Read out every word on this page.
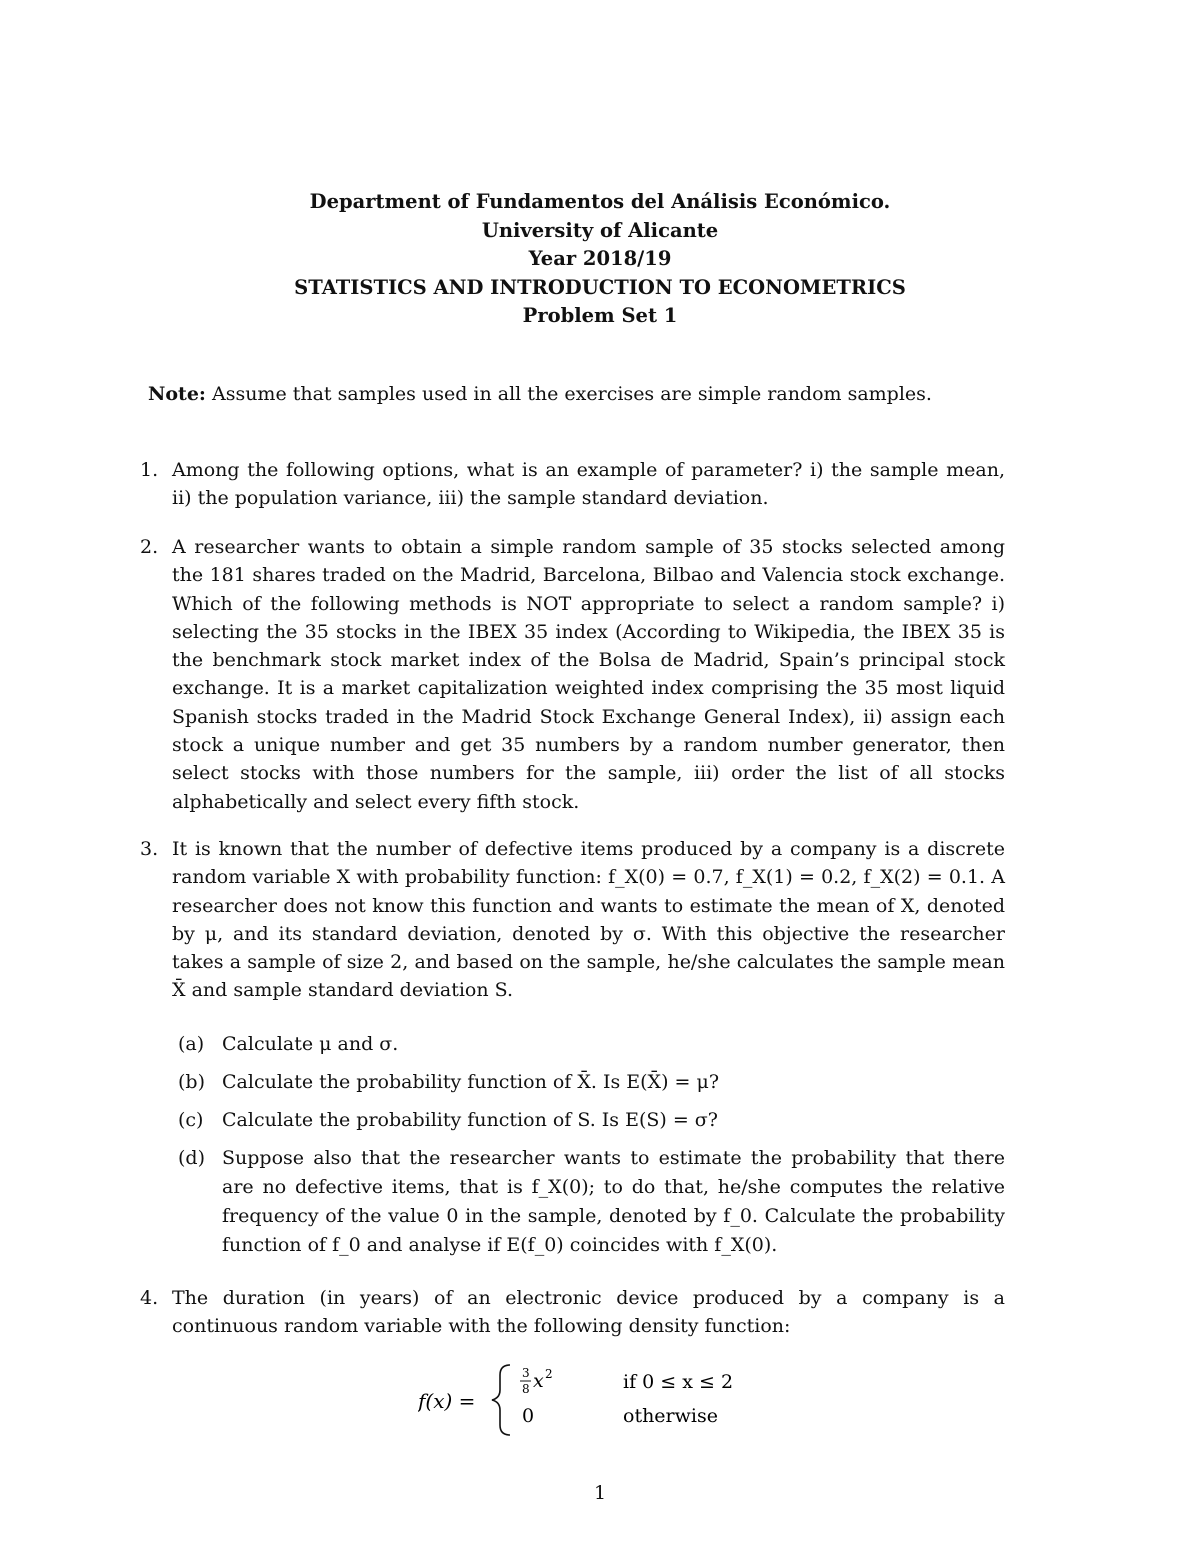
Department of Fundamentos del Análisis Económico.
University of Alicante
Year 2018/19
STATISTICS AND INTRODUCTION TO ECONOMETRICS
Problem Set 1
Note: Assume that samples used in all the exercises are simple random samples.
1. Among the following options, what is an example of parameter? i) the sample mean, ii) the population variance, iii) the sample standard deviation.
2. A researcher wants to obtain a simple random sample of 35 stocks selected among the 181 shares traded on the Madrid, Barcelona, Bilbao and Valencia stock exchange. Which of the following methods is NOT appropriate to select a random sample? i) selecting the 35 stocks in the IBEX 35 index (According to Wikipedia, the IBEX 35 is the benchmark stock market index of the Bolsa de Madrid, Spain’s principal stock exchange. It is a market capitalization weighted index comprising the 35 most liquid Spanish stocks traded in the Madrid Stock Exchange General Index), ii) assign each stock a unique number and get 35 numbers by a random number generator, then select stocks with those numbers for the sample, iii) order the list of all stocks alphabetically and select every fifth stock.
3. It is known that the number of defective items produced by a company is a discrete random variable X with probability function: f_X(0) = 0.7, f_X(1) = 0.2, f_X(2) = 0.1. A researcher does not know this function and wants to estimate the mean of X, denoted by μ, and its standard deviation, denoted by σ. With this objective the researcher takes a sample of size 2, and based on the sample, he/she calculates the sample mean X̄ and sample standard deviation S.
(a) Calculate μ and σ.
(b) Calculate the probability function of X̄. Is E(X̄) = μ?
(c) Calculate the probability function of S. Is E(S) = σ?
(d) Suppose also that the researcher wants to estimate the probability that there are no defective items, that is f_X(0); to do that, he/she computes the relative frequency of the value 0 in the sample, denoted by f_0. Calculate the probability function of f_0 and analyse if E(f_0) coincides with f_X(0).
4. The duration (in years) of an electronic device produced by a company is a continuous random variable with the following density function:
f(x) =
3
8 x 2	if 0 ≤ x ≤ 2
0	otherwise
1
